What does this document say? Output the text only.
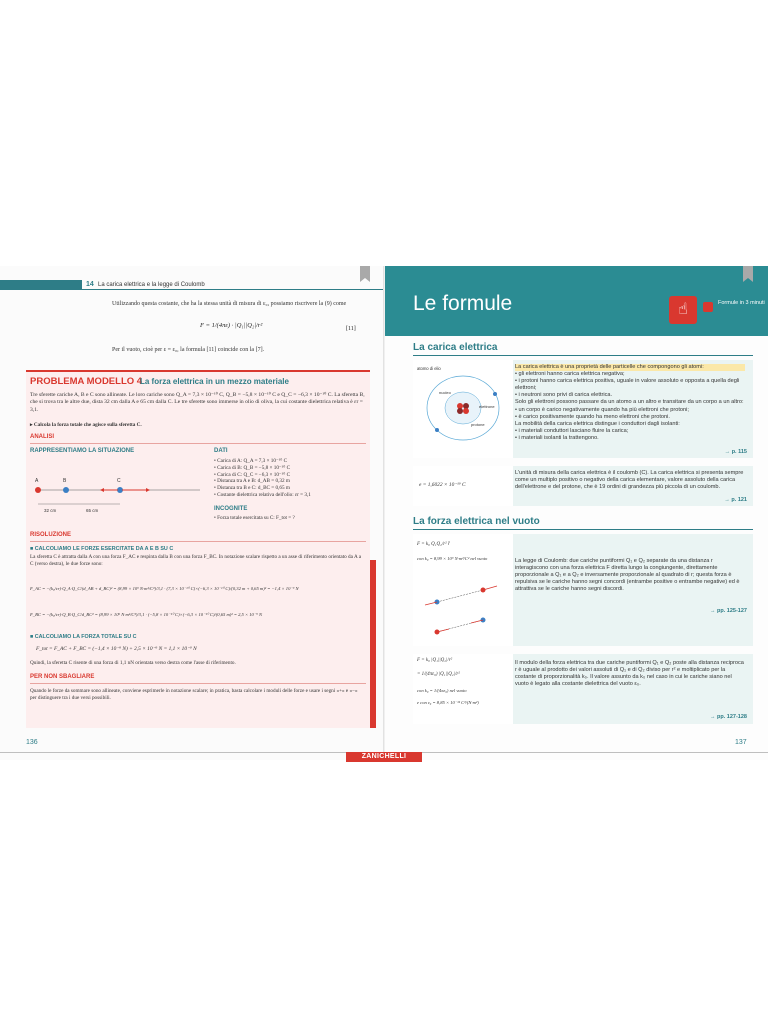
14 La carica elettrica e la legge di Coulomb
Utilizzando questa costante, che ha la stessa unità di misura di ε₀, possiamo riscrivere la (9) come
F = 1/(4πε) · |Q₁||Q₂|/r²	[11]
Per il vuoto, cioè per ε = ε₀, la formula [11] coincide con la [7].
PROBLEMA MODELLO 4
La forza elettrica in un mezzo materiale
Tre sferette cariche A, B e C sono allineate. Le loro cariche sono Q_A = 7,3 × 10⁻¹⁰ C, Q_B = −5,8 × 10⁻¹⁰ C e Q_C = −6,3 × 10⁻¹⁰ C. La sferetta B, che si trova tra le altre due, dista 32 cm dalla A e 65 cm dalla C. Le tre sferette sono immerse in olio di oliva, la cui costante dielettrica relativa è εr = 3,1.
▸ Calcola la forza totale che agisce sulla sferetta C.
ANALISI
RAPPRESENTIAMO LA SITUAZIONE
A	B	C
32 cm	65 cm
DATI
• Carica di A: Q_A = 7,3 × 10⁻¹⁰ C
• Carica di B: Q_B = −5,8 × 10⁻¹⁰ C
• Carica di C: Q_C = −6,3 × 10⁻¹⁰ C
• Distanza tra A e B: d_AB = 0,32 m
• Distanza tra B e C: d_BC = 0,65 m
• Costante dielettrica relativa dell'olio: εr = 3,1
INCOGNITE
• Forza totale esercitata su C: F_tot = ?
RISOLUZIONE
■ CALCOLIAMO LE FORZE ESERCITATE DA A E B SU C
La sferetta C è attratta dalla A con una forza F_AC e respinta dalla B con una forza F_BC. In notazione scalare rispetto a un asse di riferimento orientato da A a C (verso destra), le due forze sono:
F_AC = −(k₀/εr)·Q_A·Q_C/(d_AB + d_BC)² = (8,99 × 10⁹ N·m²/C²)/3,1 · (7,3 × 10⁻¹⁰ C)×(−6,3 × 10⁻¹⁰ C)/(0,32 m + 0,65 m)² = −1,4 × 10⁻⁹ N
F_BC = −(k₀/εr)·Q_B·Q_C/d_BC² = (8,99 × 10⁹ N·m²/C²)/3,1 · (−5,8 × 10⁻¹⁰ C)×(−6,3 × 10⁻¹⁰ C)/(0,65 m)² = 2,5 × 10⁻⁹ N
■ CALCOLIAMO LA FORZA TOTALE SU C
F_tot = F_AC + F_BC = (−1,4 × 10⁻⁹ N) + 2,5 × 10⁻⁹ N = 1,1 × 10⁻⁹ N
Quindi, la sferetta C risente di una forza di 1,1 nN orientata verso destra come l'asse di riferimento.
PER NON SBAGLIARE
Quando le forze da sommare sono allineate, conviene esprimerle in notazione scalare; in pratica, basta calcolare i moduli delle forze e usare i segni «+» e «−» per distinguere tra i due versi possibili.
136
Le formule	☝	Formule in 3 minuti
La carica elettrica
atomo di elio
nucleo
elettrone
protone
La carica elettrica è una proprietà delle particelle che compongono gli atomi:
• gli elettroni hanno carica elettrica negativa;
• i protoni hanno carica elettrica positiva, uguale in valore assoluto e opposta a quella degli elettroni;
• i neutroni sono privi di carica elettrica.
Solo gli elettroni possono passare da un atomo a un altro e transitare da un corpo a un altro:
• un corpo è carico negativamente quando ha più elettroni che protoni;
• è carico positivamente quando ha meno elettroni che protoni.
La mobilità della carica elettrica distingue i conduttori dagli isolanti:
• i materiali conduttori lasciano fluire la carica;
• i materiali isolanti la trattengono.
→ p. 115
e = 1,6022 × 10⁻¹⁹ C
L'unità di misura della carica elettrica è il coulomb (C). La carica elettrica si presenta sempre come un multiplo positivo o negativo della carica elementare, valore assoluto della carica dell'elettrone e del protone, che è 19 ordini di grandezza più piccola di un coulomb.
→ p. 121
La forza elettrica nel vuoto
F = k₀ Q₁Q₂/r² r̂
con k₀ = 8,99 × 10⁹ N·m²/C² nel vuoto	La legge di Coulomb: due cariche puntiformi Q₁ e Q₂ separate da una distanza r interagiscono con una forza elettrica F diretta lungo la congiungente, direttamente proporzionale a Q₁ e a Q₂ e inversamente proporzionale al quadrato di r; questa forza è repulsiva se le cariche hanno segni concordi (entrambe positive o entrambe negative) ed è attrattiva se le cariche hanno segni discordi.
→ pp. 125-127
F = k₀ |Q₁||Q₂|/r²
= 1/(4πε₀) |Q₁||Q₂|/r²
con k₀ = 1/(4πε₀) nel vuoto
e con ε₀ = 8,85 × 10⁻¹² C²/(N·m²)
Il modulo della forza elettrica tra due cariche puntiformi Q₁ e Q₂ poste alla distanza reciproca r è uguale al prodotto dei valori assoluti di Q₁ e di Q₂ diviso per r² e moltiplicato per la costante di proporzionalità k₀. Il valore assunto da k₀ nel caso in cui le cariche siano nel vuoto è legato alla costante dielettrica del vuoto ε₀.
→ pp. 127-128
137
ZANICHELLI
